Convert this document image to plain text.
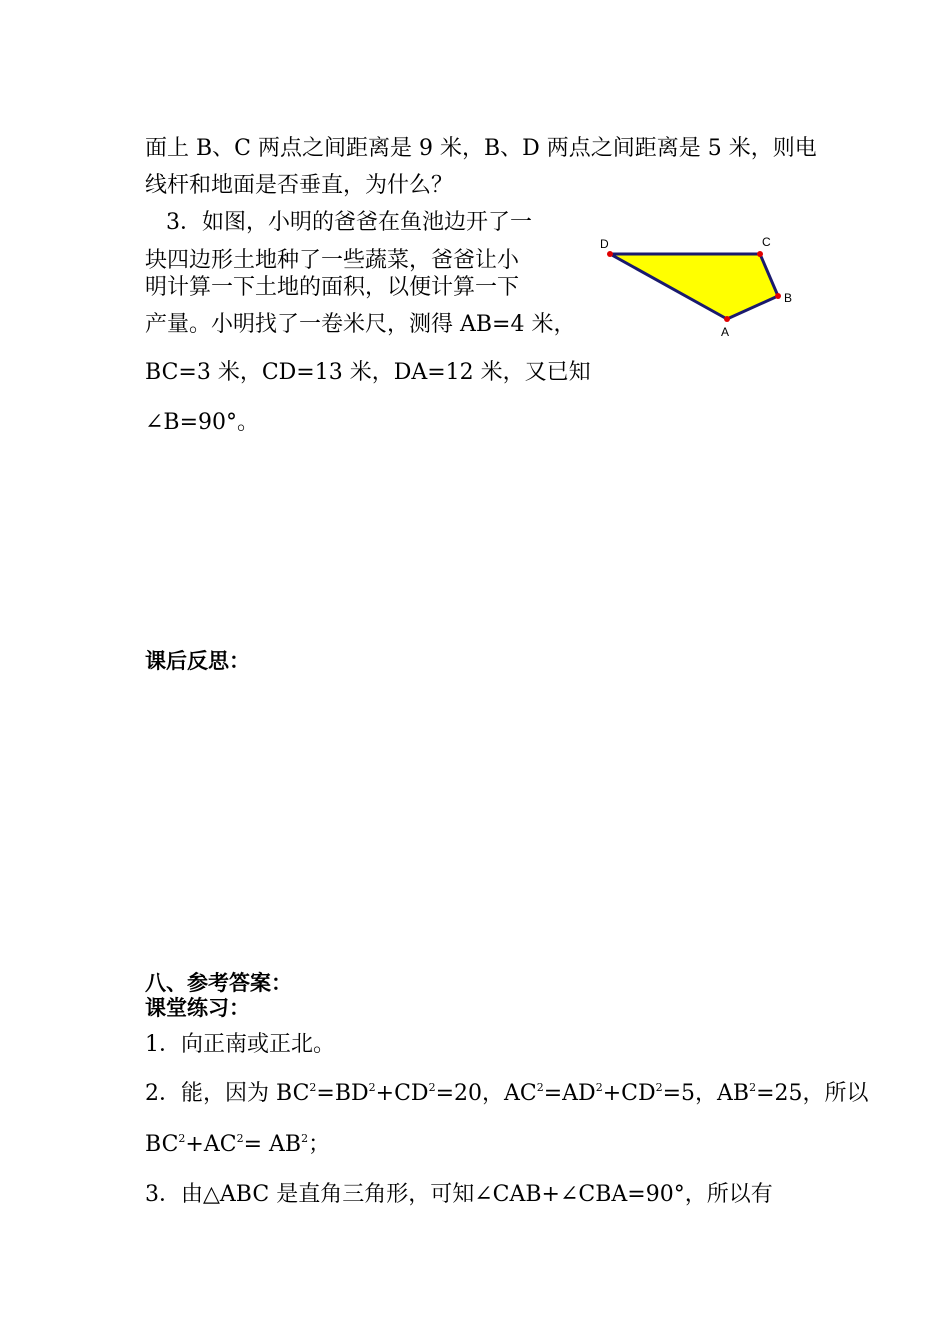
面上 B、C 两点之间距离是 9 米，B、D 两点之间距离是 5 米，则电
线杆和地面是否垂直，为什么？
3．如图，小明的爸爸在鱼池边开了一
块四边形土地种了一些蔬菜，爸爸让小
明计算一下土地的面积，以便计算一下
产量。小明找了一卷米尺，测得 AB=4 米，
BC=3 米，CD=13 米，DA=12 米，又已知
∠B=90°。
D	C
B
A
课后反思：
八、参考答案：
课堂练习：
1．向正南或正北。
2．能，因为 $BC^2=BD^2+CD^2=20$，$AC^2=AD^2+CD^2=5$，$AB^2=25$，所以
$BC^2+AC^2= AB^2$；
3．由△ABC 是直角三角形，可知∠CAB+∠CBA=90°，所以有
